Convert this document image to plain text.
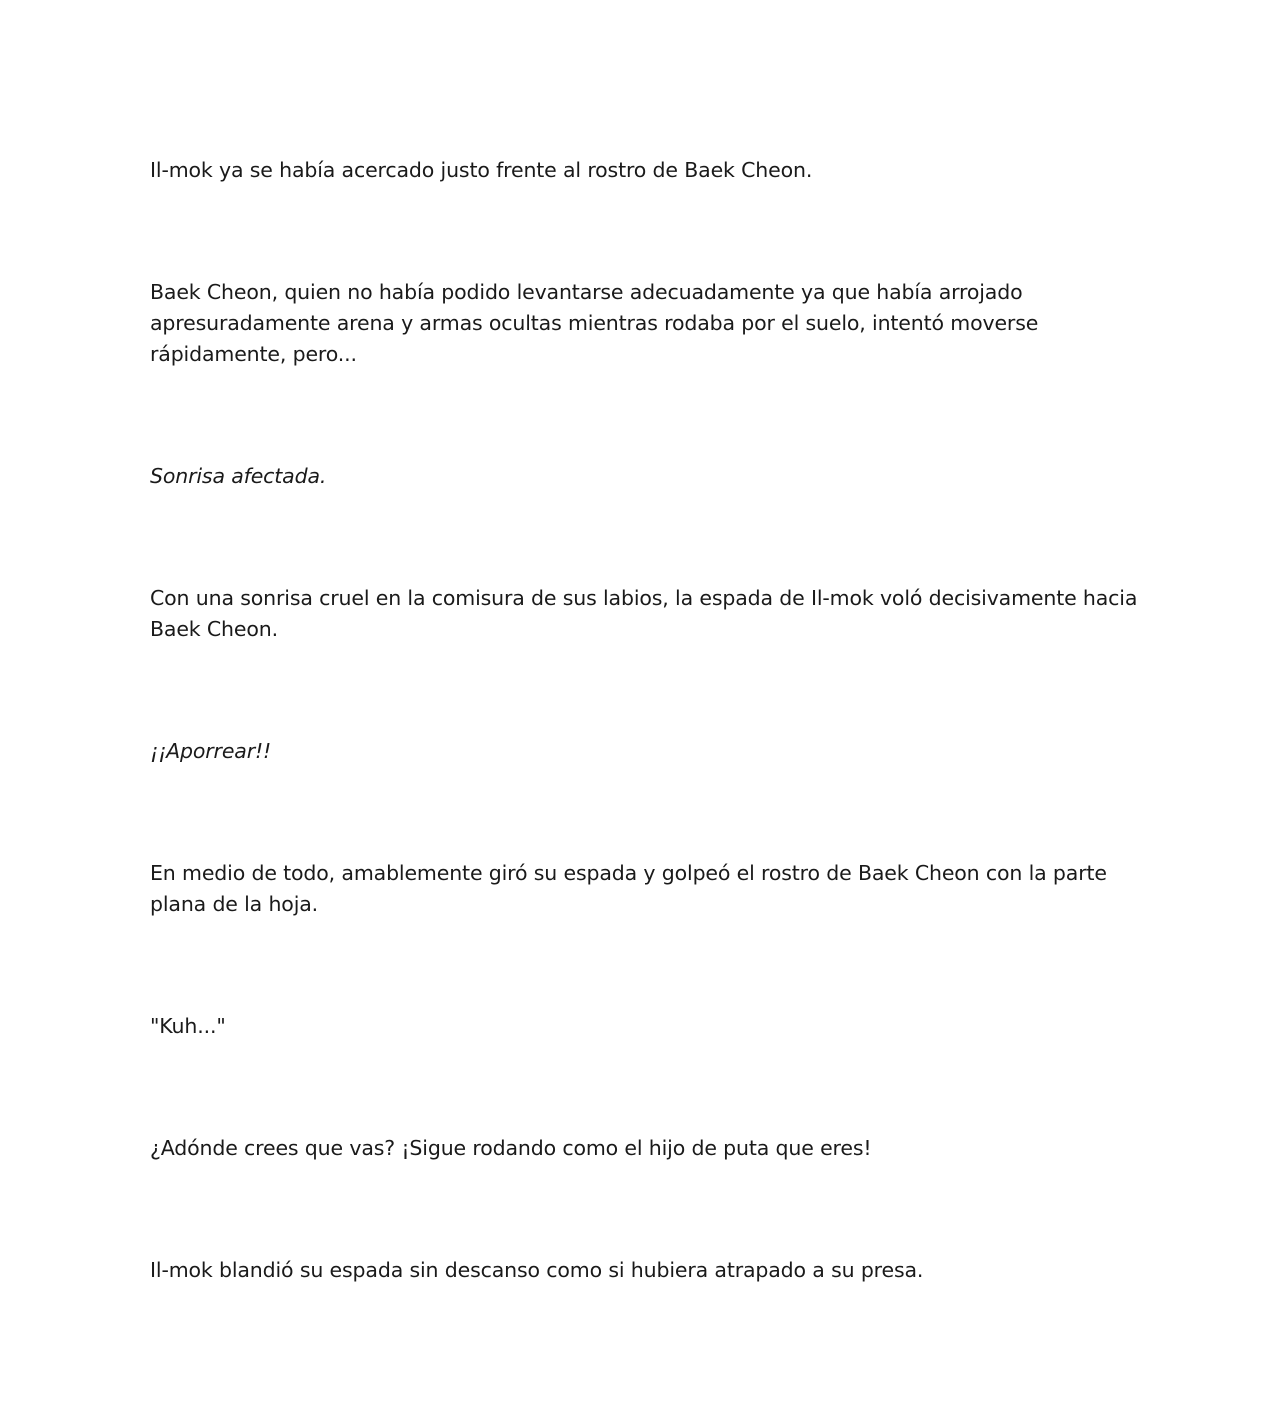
Il-mok ya se había acercado justo frente al rostro de Baek Cheon.

Baek Cheon, quien no había podido levantarse adecuadamente ya que había arrojado apresuradamente arena y armas ocultas mientras rodaba por el suelo, intentó moverse rápidamente, pero...

Sonrisa afectada.

Con una sonrisa cruel en la comisura de sus labios, la espada de Il-mok voló decisivamente hacia Baek Cheon.

¡¡Aporrear!!

En medio de todo, amablemente giró su espada y golpeó el rostro de Baek Cheon con la parte plana de la hoja.

"Kuh..."

¿Adónde crees que vas? ¡Sigue rodando como el hijo de puta que eres!

Il-mok blandió su espada sin descanso como si hubiera atrapado a su presa.
